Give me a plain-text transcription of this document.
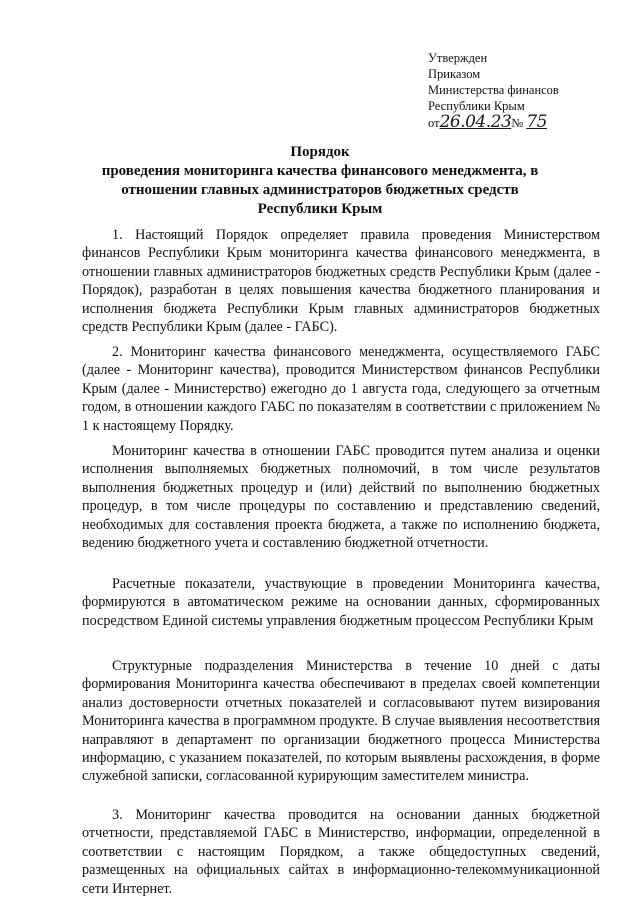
Утвержден
Приказом
Министерства финансов
Республики Крым
от26.04.23№ 75
Порядок
проведения мониторинга качества финансового менеджмента, в
отношении главных администраторов бюджетных средств
Республики Крым

1. Настоящий Порядок определяет правила проведения Министерством финансов Республики Крым мониторинга качества финансового менеджмента, в отношении главных администраторов бюджетных средств Республики Крым (далее - Порядок), разработан в целях повышения качества бюджетного планирования и исполнения бюджета Республики Крым главных администраторов бюджетных средств Республики Крым (далее - ГАБС).

2. Мониторинг качества финансового менеджмента, осуществляемого ГАБС (далее - Мониторинг качества), проводится Министерством финансов Республики Крым (далее - Министерство) ежегодно до 1 августа года, следующего за отчетным годом, в отношении каждого ГАБС по показателям в соответствии с приложением № 1 к настоящему Порядку.

Мониторинг качества в отношении ГАБС проводится путем анализа и оценки исполнения выполняемых бюджетных полномочий, в том числе результатов выполнения бюджетных процедур и (или) действий по выполнению бюджетных процедур, в том числе процедуры по составлению и представлению сведений, необходимых для составления проекта бюджета, а также по исполнению бюджета, ведению бюджетного учета и составлению бюджетной отчетности.

Расчетные показатели, участвующие в проведении Мониторинга качества, формируются в автоматическом режиме на основании данных, сформированных посредством Единой системы управления бюджетным процессом Республики Крым

Структурные подразделения Министерства в течение 10 дней с даты формирования Мониторинга качества обеспечивают в пределах своей компетенции анализ достоверности отчетных показателей и согласовывают путем визирования Мониторинга качества в программном продукте. В случае выявления несоответствия направляют в департамент по организации бюджетного процесса Министерства информацию, с указанием показателей, по которым выявлены расхождения, в форме служебной записки, согласованной курирующим заместителем министра.

3. Мониторинг качества проводится на основании данных бюджетной отчетности, представляемой ГАБС в Министерство, информации, определенной в соответствии с настоящим Порядком, а также общедоступных сведений, размещенных на официальных сайтах в информационно-телекоммуникационной сети Интернет.
